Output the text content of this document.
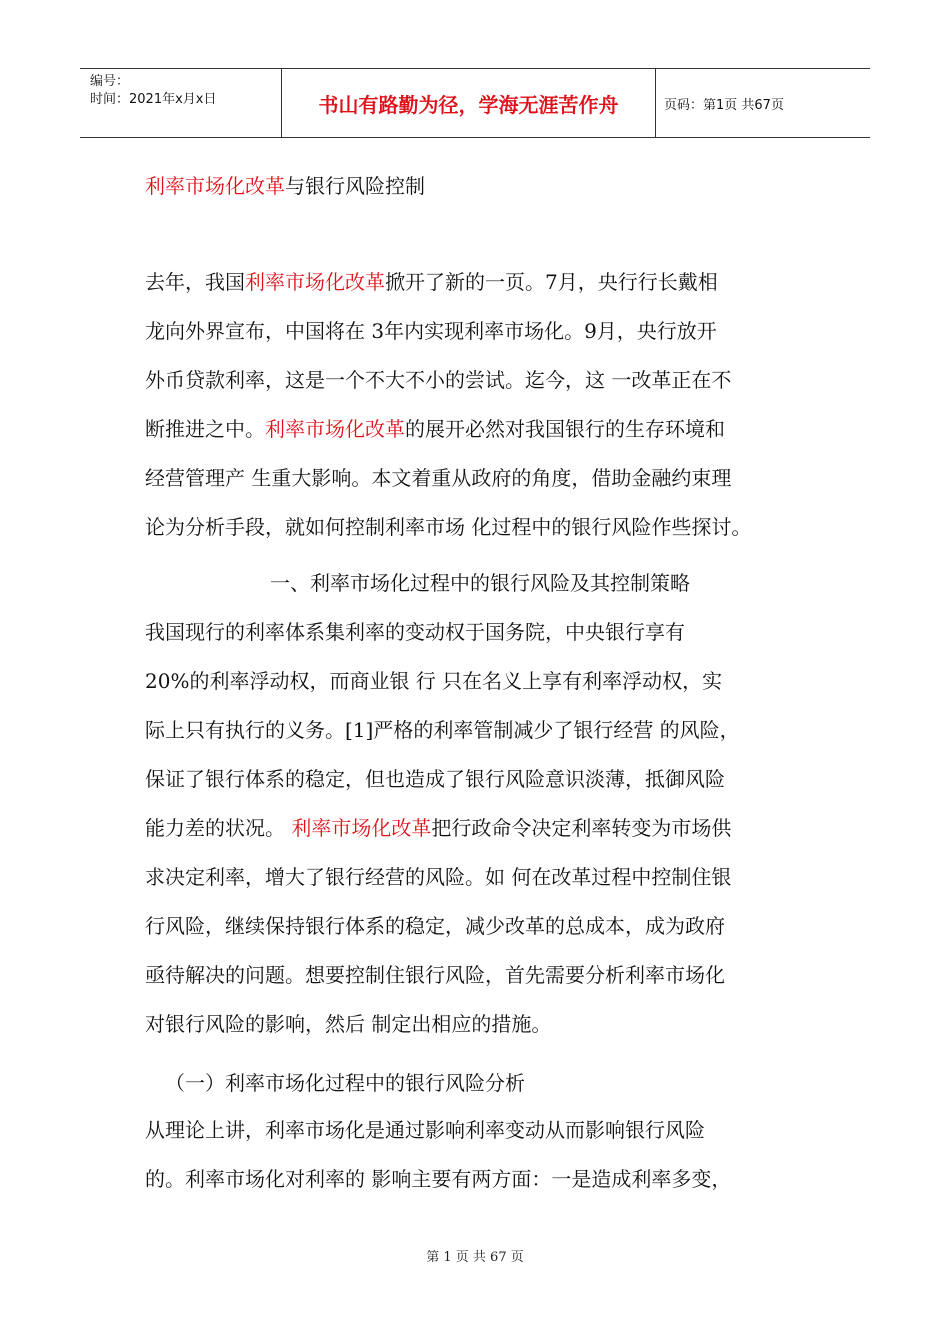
编号：
时间：2021年x月x日	书山有路勤为径，学海无涯苦作舟	页码：第1页 共67页
利率市场化改革与银行风险控制
去年，我国利率市场化改革掀开了新的一页。7月，央行行长戴相
龙向外界宣布，中国将在 3年内实现利率市场化。9月，央行放开
外币贷款利率，这是一个不大不小的尝试。迄今，这 一改革正在不
断推进之中。利率市场化改革的展开必然对我国银行的生存环境和
经营管理产 生重大影响。本文着重从政府的角度，借助金融约束理
论为分析手段，就如何控制利率市场 化过程中的银行风险作些探讨。
一、利率市场化过程中的银行风险及其控制策略
我国现行的利率体系集利率的变动权于国务院，中央银行享有
20%的利率浮动权，而商业银 行 只在名义上享有利率浮动权，实
际上只有执行的义务。[1]严格的利率管制减少了银行经营 的风险，
保证了银行体系的稳定，但也造成了银行风险意识淡薄，抵御风险
能力差的状况。 利率市场化改革把行政命令决定利率转变为市场供
求决定利率，增大了银行经营的风险。如 何在改革过程中控制住银
行风险，继续保持银行体系的稳定，减少改革的总成本，成为政府
亟待解决的问题。想要控制住银行风险，首先需要分析利率市场化
对银行风险的影响，然后 制定出相应的措施。
（一）利率市场化过程中的银行风险分析
从理论上讲，利率市场化是通过影响利率变动从而影响银行风险
的。利率市场化对利率的 影响主要有两方面：一是造成利率多变，
第 1 页 共 67 页
